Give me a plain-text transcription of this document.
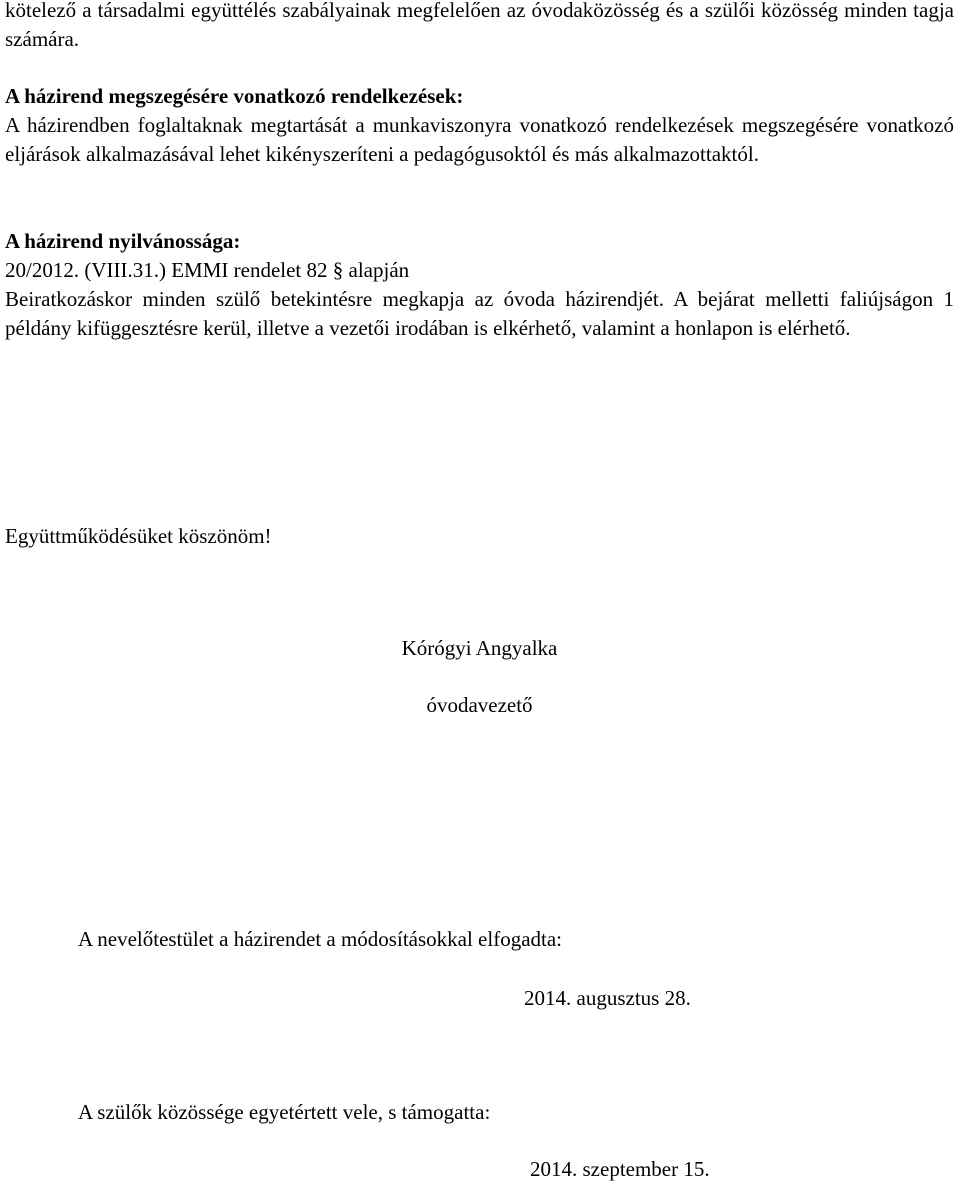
kötelező a társadalmi együttélés szabályainak megfelelően az óvodaközösség és a szülői közösség minden tagja számára.

A házirend megszegésére vonatkozó rendelkezések:
A házirendben foglaltaknak megtartását a munkaviszonyra vonatkozó rendelkezések megszegésére vonatkozó eljárások alkalmazásával lehet kikényszeríteni a pedagógusoktól és más alkalmazottaktól.
A házirend nyilvánossága:
20/2012. (VIII.31.) EMMI rendelet 82 § alapján
Beiratkozáskor minden szülő betekintésre megkapja az óvoda házirendjét. A bejárat melletti faliújságon 1 példány kifüggesztésre kerül, illetve a vezetői irodában is elkérhető, valamint a honlapon is elérhető.

Együttműködésüket köszönöm!

Kórógyi Angyalka

óvodavezető

A nevelőtestület a házirendet a módosításokkal elfogadta:

2014. augusztus 28.

A szülők közössége egyetértett vele, s támogatta:

2014. szeptember 15.
